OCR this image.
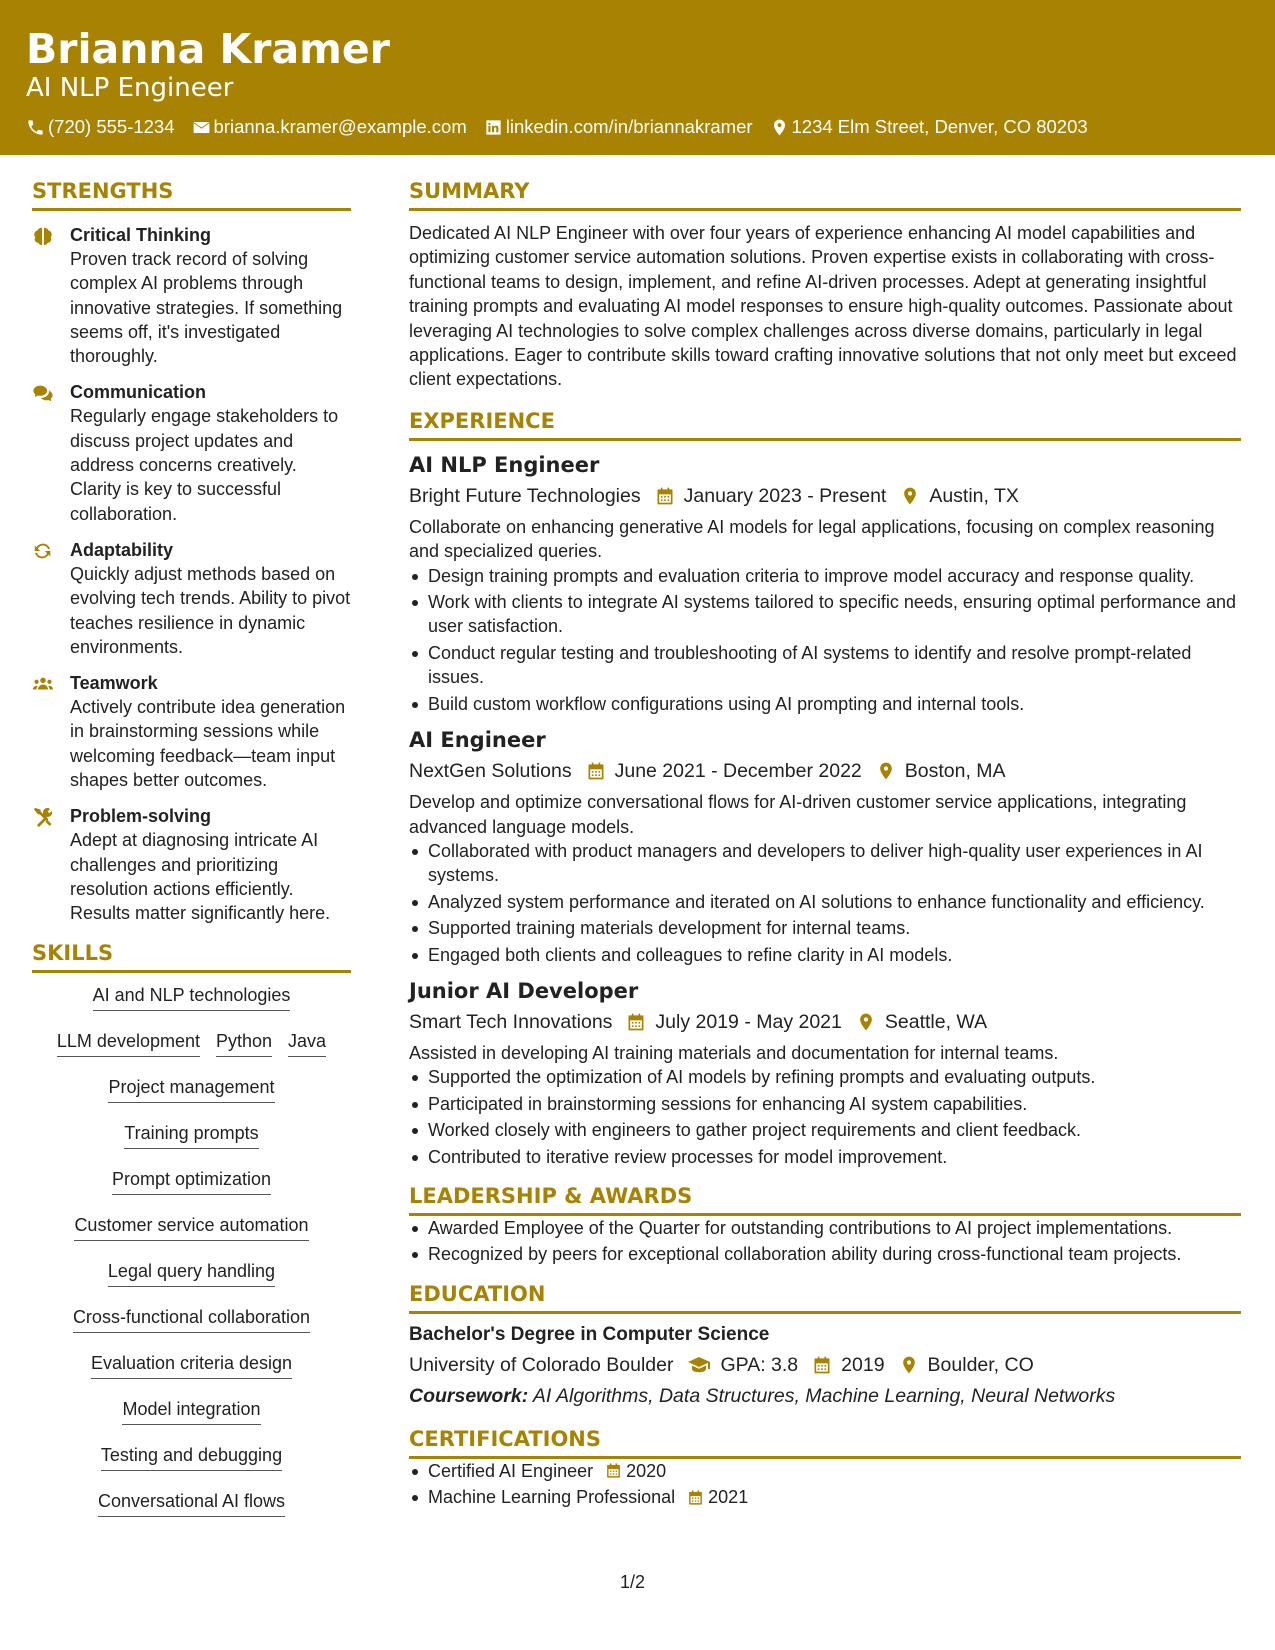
Brianna Kramer
AI NLP Engineer
(720) 555-1234 brianna.kramer@example.com linkedin.com/in/briannakramer 1234 Elm Street, Denver, CO 80203
STRENGTHS
Critical Thinking
Proven track record of solving complex AI problems through innovative strategies. If something seems off, it's investigated thoroughly.
Communication
Regularly engage stakeholders to discuss project updates and address concerns creatively. Clarity is key to successful collaboration.
Adaptability
Quickly adjust methods based on evolving tech trends. Ability to pivot teaches resilience in dynamic environments.
Teamwork
Actively contribute idea generation in brainstorming sessions while welcoming feedback—team input shapes better outcomes.
Problem-solving
Adept at diagnosing intricate AI challenges and prioritizing resolution actions efficiently. Results matter significantly here.
SKILLS
AI and NLP technologies
LLM development Python Java
Project management
Training prompts
Prompt optimization
Customer service automation
Legal query handling
Cross-functional collaboration
Evaluation criteria design
Model integration
Testing and debugging
Conversational AI flows
SUMMARY
Dedicated AI NLP Engineer with over four years of experience enhancing AI model capabilities and optimizing customer service automation solutions. Proven expertise exists in collaborating with cross-functional teams to design, implement, and refine AI-driven processes. Adept at generating insightful training prompts and evaluating AI model responses to ensure high-quality outcomes. Passionate about leveraging AI technologies to solve complex challenges across diverse domains, particularly in legal applications. Eager to contribute skills toward crafting innovative solutions that not only meet but exceed client expectations.
EXPERIENCE
AI NLP Engineer
Bright Future Technologies January 2023 - Present Austin, TX
Collaborate on enhancing generative AI models for legal applications, focusing on complex reasoning and specialized queries.
Design training prompts and evaluation criteria to improve model accuracy and response quality.
Work with clients to integrate AI systems tailored to specific needs, ensuring optimal performance and user satisfaction.
Conduct regular testing and troubleshooting of AI systems to identify and resolve prompt-related issues.
Build custom workflow configurations using AI prompting and internal tools.
AI Engineer
NextGen Solutions June 2021 - December 2022 Boston, MA
Develop and optimize conversational flows for AI-driven customer service applications, integrating advanced language models.
Collaborated with product managers and developers to deliver high-quality user experiences in AI systems.
Analyzed system performance and iterated on AI solutions to enhance functionality and efficiency.
Supported training materials development for internal teams.
Engaged both clients and colleagues to refine clarity in AI models.
Junior AI Developer
Smart Tech Innovations July 2019 - May 2021 Seattle, WA
Assisted in developing AI training materials and documentation for internal teams.
Supported the optimization of AI models by refining prompts and evaluating outputs.
Participated in brainstorming sessions for enhancing AI system capabilities.
Worked closely with engineers to gather project requirements and client feedback.
Contributed to iterative review processes for model improvement.
LEADERSHIP & AWARDS
Awarded Employee of the Quarter for outstanding contributions to AI project implementations.
Recognized by peers for exceptional collaboration ability during cross-functional team projects.
EDUCATION
Bachelor's Degree in Computer Science
University of Colorado Boulder GPA: 3.8 2019 Boulder, CO
Coursework: AI Algorithms, Data Structures, Machine Learning, Neural Networks
CERTIFICATIONS
Certified AI Engineer 2020
Machine Learning Professional 2021
1/2
